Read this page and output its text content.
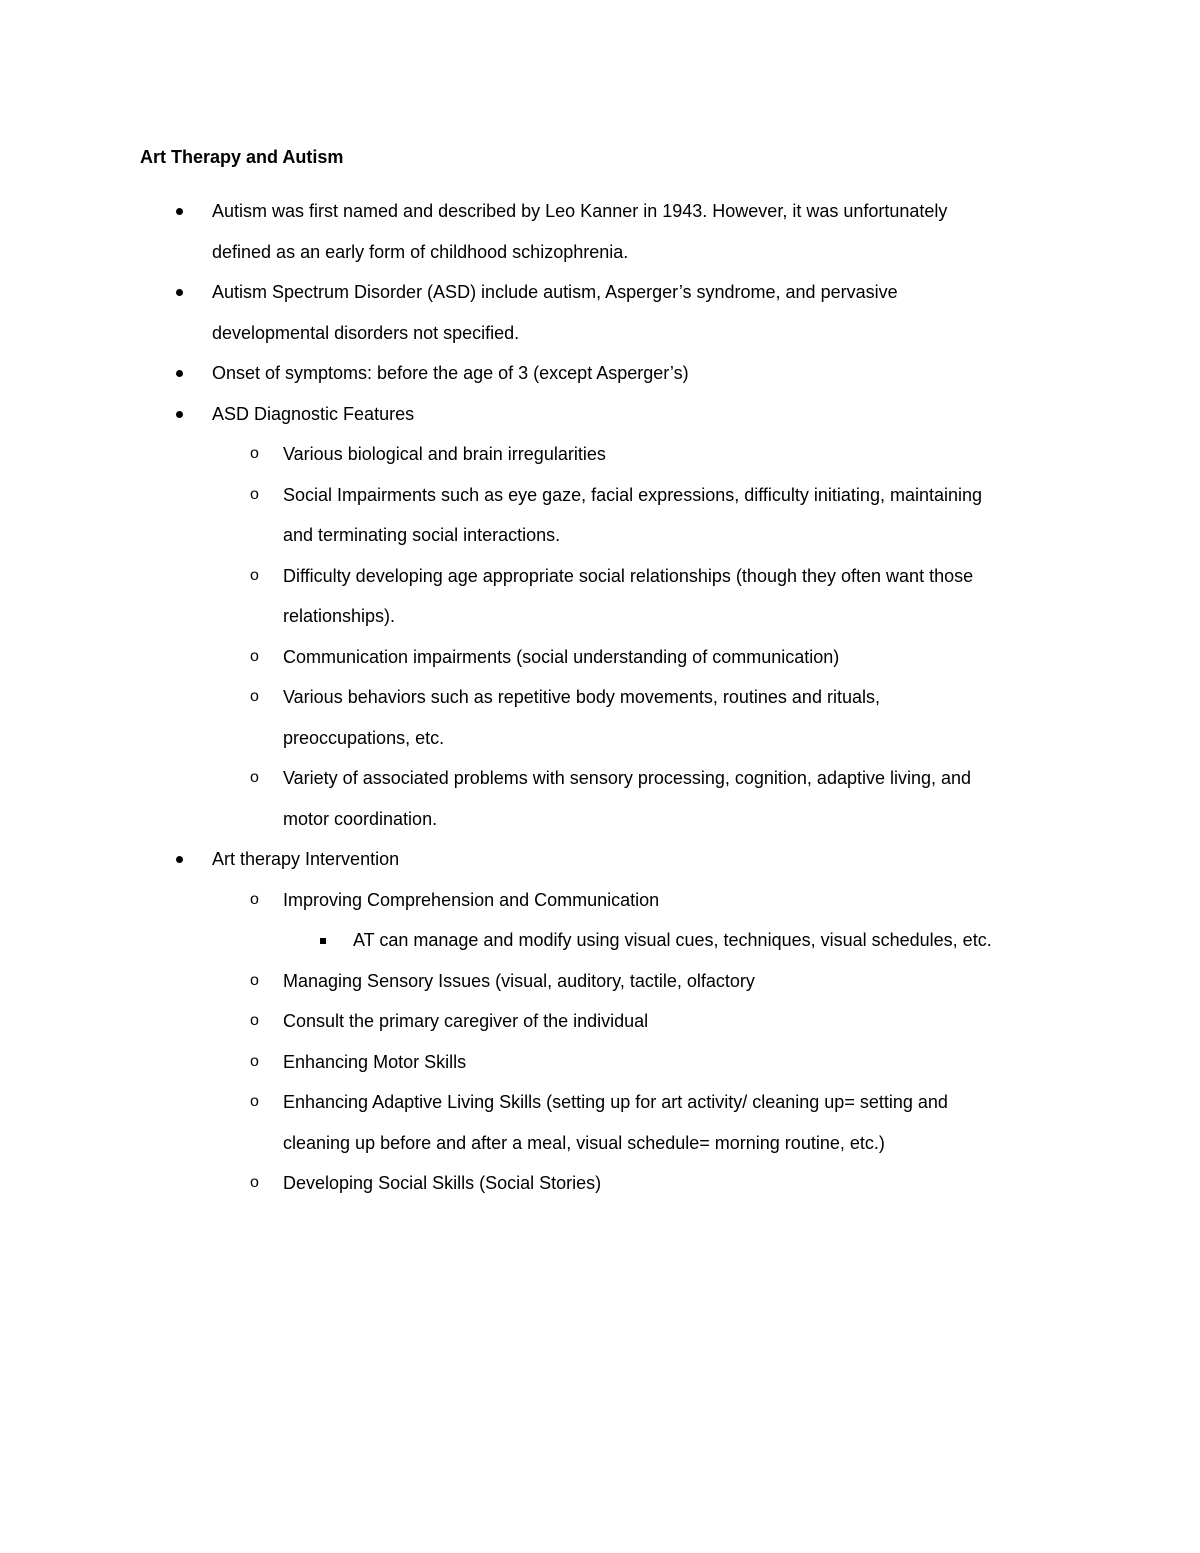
Art Therapy and Autism
Autism was first named and described by Leo Kanner in 1943. However, it was unfortunately
defined as an early form of childhood schizophrenia.
Autism Spectrum Disorder (ASD) include autism, Asperger’s syndrome, and pervasive
developmental disorders not specified.
Onset of symptoms: before the age of 3 (except Asperger’s)
ASD Diagnostic Features
o Various biological and brain irregularities
o Social Impairments such as eye gaze, facial expressions, difficulty initiating, maintaining
and terminating social interactions.
o Difficulty developing age appropriate social relationships (though they often want those
relationships).
o Communication impairments (social understanding of communication)
o Various behaviors such as repetitive body movements, routines and rituals,
preoccupations, etc.
o Variety of associated problems with sensory processing, cognition, adaptive living, and
motor coordination.
Art therapy Intervention
o Improving Comprehension and Communication
AT can manage and modify using visual cues, techniques, visual schedules, etc.
o Managing Sensory Issues (visual, auditory, tactile, olfactory
o Consult the primary caregiver of the individual
o Enhancing Motor Skills
o Enhancing Adaptive Living Skills (setting up for art activity/ cleaning up= setting and
cleaning up before and after a meal, visual schedule= morning routine, etc.)
o Developing Social Skills (Social Stories)
